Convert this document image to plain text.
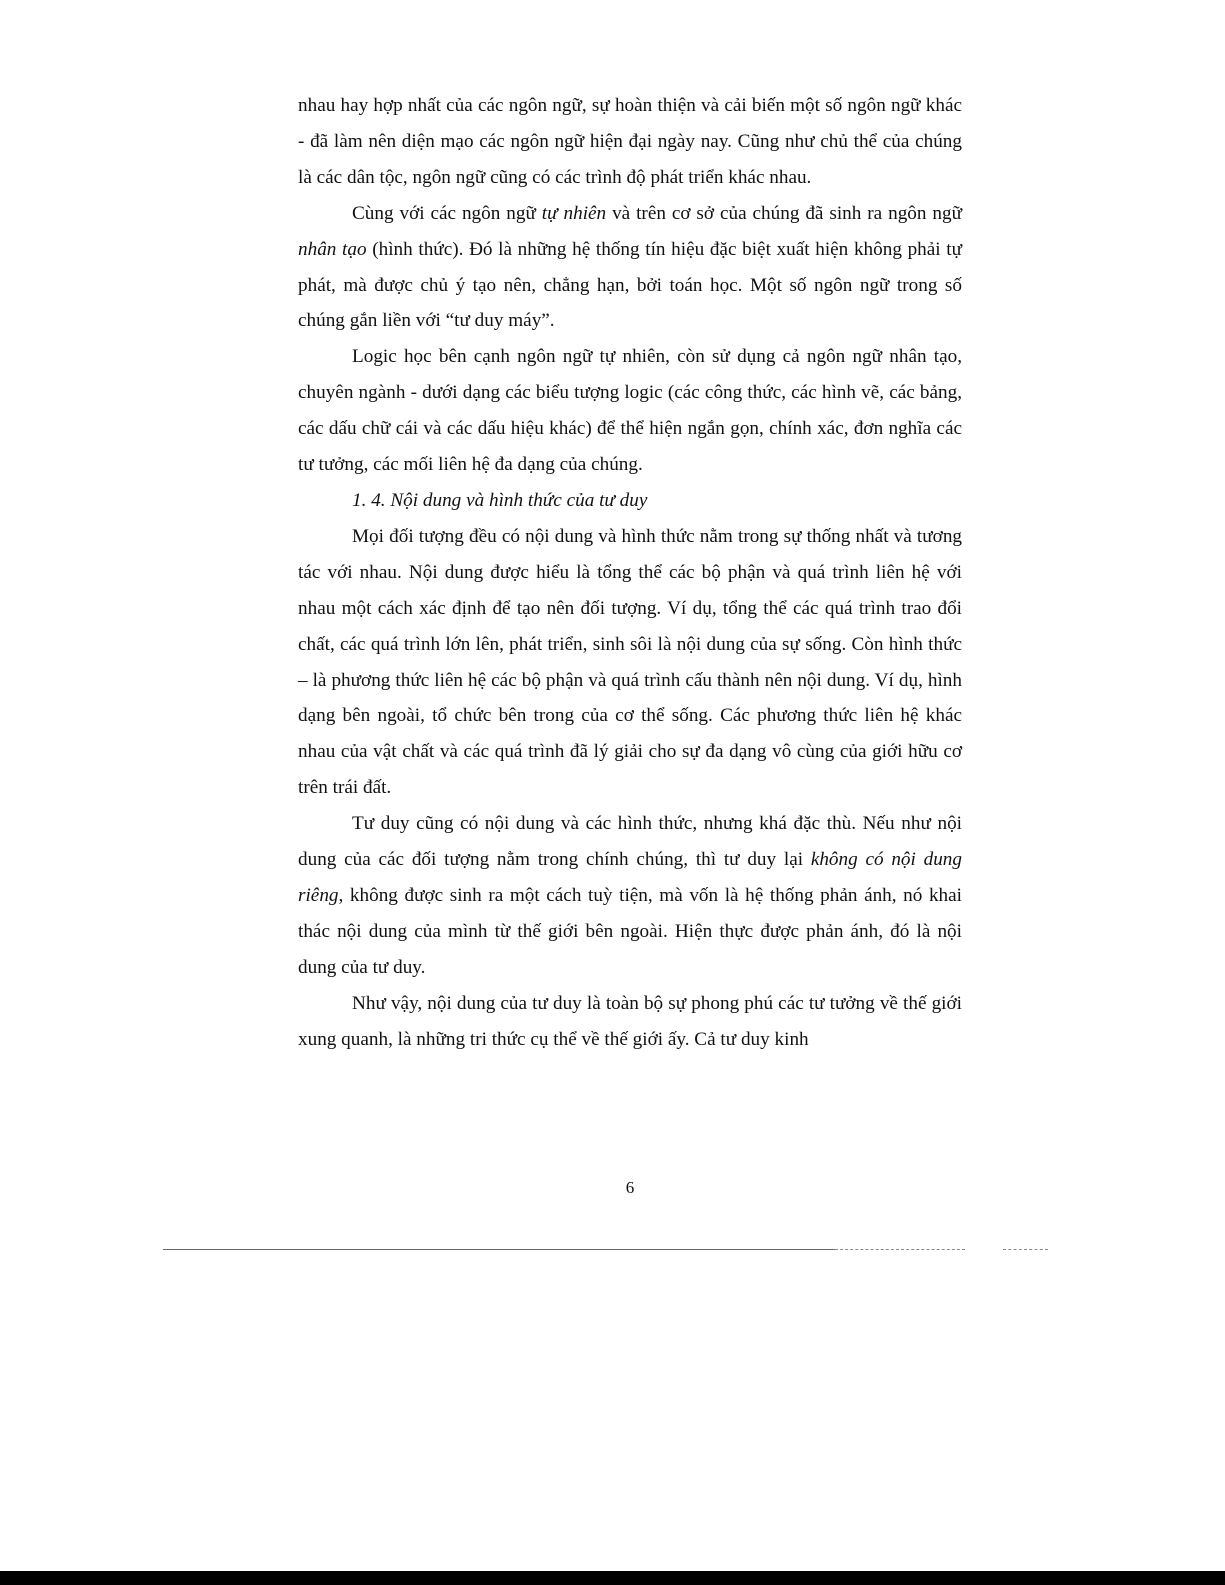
nhau hay hợp nhất của các ngôn ngữ, sự hoàn thiện và cải biến một số ngôn ngữ khác - đã làm nên diện mạo các ngôn ngữ hiện đại ngày nay. Cũng như chủ thể của chúng là các dân tộc, ngôn ngữ cũng có các trình độ phát triển khác nhau.

Cùng với các ngôn ngữ tự nhiên và trên cơ sở của chúng đã sinh ra ngôn ngữ nhân tạo (hình thức). Đó là những hệ thống tín hiệu đặc biệt xuất hiện không phải tự phát, mà được chủ ý tạo nên, chẳng hạn, bởi toán học. Một số ngôn ngữ trong số chúng gắn liền với “tư duy máy”.

Logic học bên cạnh ngôn ngữ tự nhiên, còn sử dụng cả ngôn ngữ nhân tạo, chuyên ngành - dưới dạng các biểu tượng logic (các công thức, các hình vẽ, các bảng, các dấu chữ cái và các dấu hiệu khác) để thể hiện ngắn gọn, chính xác, đơn nghĩa các tư tưởng, các mối liên hệ đa dạng của chúng.

1. 4. Nội dung và hình thức của tư duy

Mọi đối tượng đều có nội dung và hình thức nằm trong sự thống nhất và tương tác với nhau. Nội dung được hiểu là tổng thể các bộ phận và quá trình liên hệ với nhau một cách xác định để tạo nên đối tượng. Ví dụ, tổng thể các quá trình trao đổi chất, các quá trình lớn lên, phát triển, sinh sôi là nội dung của sự sống. Còn hình thức – là phương thức liên hệ các bộ phận và quá trình cấu thành nên nội dung. Ví dụ, hình dạng bên ngoài, tổ chức bên trong của cơ thể sống. Các phương thức liên hệ khác nhau của vật chất và các quá trình đã lý giải cho sự đa dạng vô cùng của giới hữu cơ trên trái đất.

Tư duy cũng có nội dung và các hình thức, nhưng khá đặc thù. Nếu như nội dung của các đối tượng nằm trong chính chúng, thì tư duy lại không có nội dung riêng, không được sinh ra một cách tuỳ tiện, mà vốn là hệ thống phản ánh, nó khai thác nội dung của mình từ thế giới bên ngoài. Hiện thực được phản ánh, đó là nội dung của tư duy.

Như vậy, nội dung của tư duy là toàn bộ sự phong phú các tư tưởng về thế giới xung quanh, là những tri thức cụ thể về thế giới ấy. Cả tư duy kinh

6
